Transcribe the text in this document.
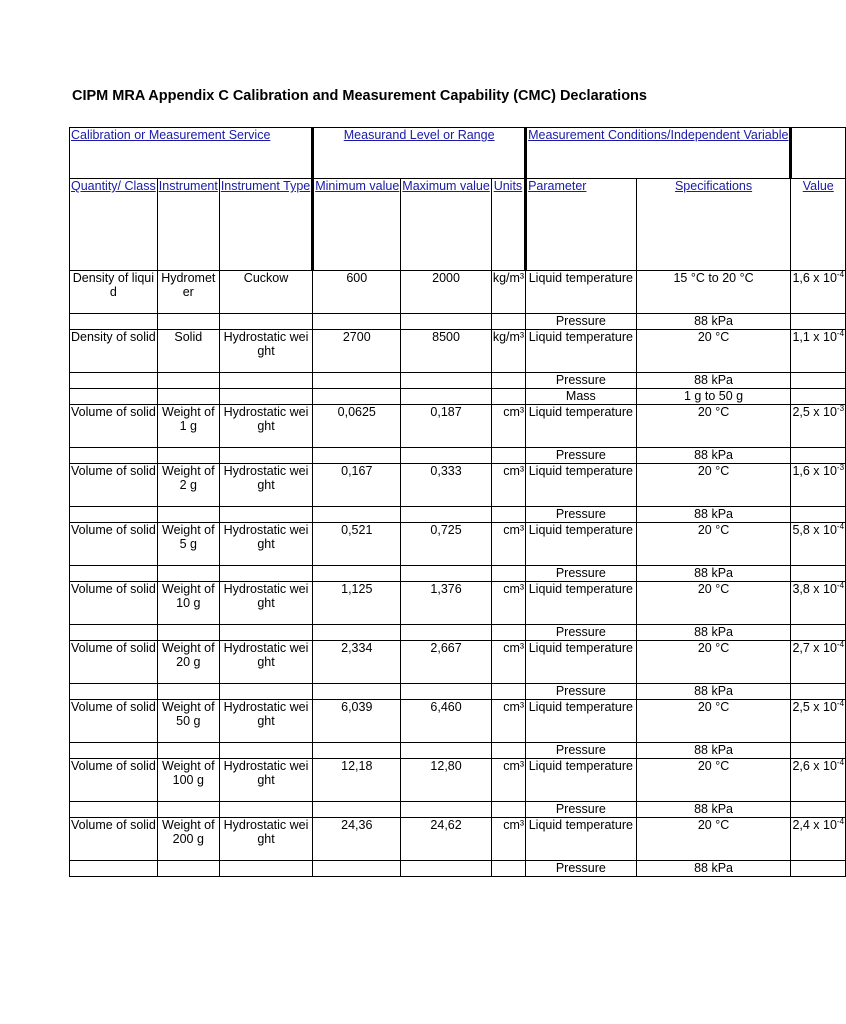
CIPM MRA Appendix C Calibration and Measurement Capability (CMC) Declarations
Calibration or Measurement Service			Measurand Level or Range			Measurement Conditions/Independent Variable		
Quantity/ Class	Instrument	Instrument Type	Minimum value	Maximum value	Units	Parameter	Specifications	Value
Density of liquid	Hydrometer	Cuckow	600	2000	kg/m³	Liquid temperature	15 °C to 20 °C	1,6 x $10^{-4}$
						Pressure	88 kPa	
Density of solid	Solid	Hydrostatic weight	2700	8500	kg/m³	Liquid temperature	20 °C	1,1 x $10^{-4}$
						Pressure	88 kPa	
						Mass	1 g to 50 g	
Volume of solid	Weight of 1 g	Hydrostatic weight	0,0625	0,187	cm³	Liquid temperature	20 °C	2,5 x $10^{-3}$
						Pressure	88 kPa	
Volume of solid	Weight of 2 g	Hydrostatic weight	0,167	0,333	cm³	Liquid temperature	20 °C	1,6 x $10^{-3}$
						Pressure	88 kPa	
Volume of solid	Weight of 5 g	Hydrostatic weight	0,521	0,725	cm³	Liquid temperature	20 °C	5,8 x $10^{-4}$
						Pressure	88 kPa	
Volume of solid	Weight of 10 g	Hydrostatic weight	1,125	1,376	cm³	Liquid temperature	20 °C	3,8 x $10^{-4}$
						Pressure	88 kPa	
Volume of solid	Weight of 20 g	Hydrostatic weight	2,334	2,667	cm³	Liquid temperature	20 °C	2,7 x $10^{-4}$
						Pressure	88 kPa	
Volume of solid	Weight of 50 g	Hydrostatic weight	6,039	6,460	cm³	Liquid temperature	20 °C	2,5 x $10^{-4}$
						Pressure	88 kPa	
Volume of solid	Weight of 100 g	Hydrostatic weight	12,18	12,80	cm³	Liquid temperature	20 °C	2,6 x $10^{-4}$
						Pressure	88 kPa	
Volume of solid	Weight of 200 g	Hydrostatic weight	24,36	24,62	cm³	Liquid temperature	20 °C	2,4 x $10^{-4}$
						Pressure	88 kPa	
